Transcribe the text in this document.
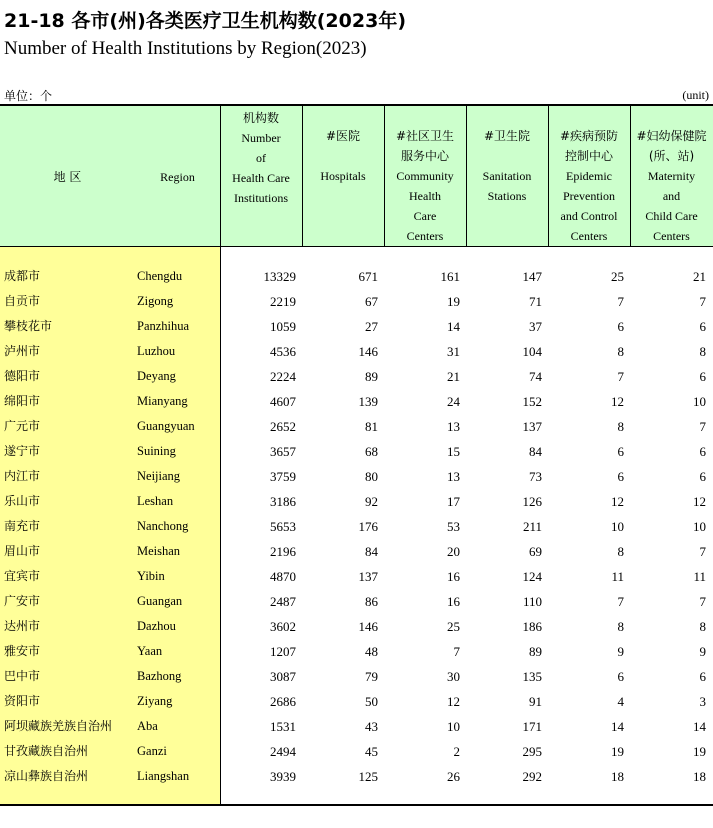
21-18 各市(州)各类医疗卫生机构数(2023年)
Number of Health Institutions by Region(2023)
单位：个	(unit)
地 区	Region
机构数
Number
of
Health Care
Institutions
#医院
Hospitals
#社区卫生
服务中心
Community
Health
Care
Centers
#卫生院
Sanitation
Stations
#疾病预防
控制中心
Epidemic
Prevention
and Control
Centers
#妇幼保健院
(所、站)
Maternity
and
Child Care
Centers
成都市	Chengdu	13329	671	161	147	25	21
自贡市	Zigong	2219	67	19	71	7	7
攀枝花市	Panzhihua	1059	27	14	37	6	6
泸州市	Luzhou	4536	146	31	104	8	8
德阳市	Deyang	2224	89	21	74	7	6
绵阳市	Mianyang	4607	139	24	152	12	10
广元市	Guangyuan	2652	81	13	137	8	7
遂宁市	Suining	3657	68	15	84	6	6
内江市	Neijiang	3759	80	13	73	6	6
乐山市	Leshan	3186	92	17	126	12	12
南充市	Nanchong	5653	176	53	211	10	10
眉山市	Meishan	2196	84	20	69	8	7
宜宾市	Yibin	4870	137	16	124	11	11
广安市	Guangan	2487	86	16	110	7	7
达州市	Dazhou	3602	146	25	186	8	8
雅安市	Yaan	1207	48	7	89	9	9
巴中市	Bazhong	3087	79	30	135	6	6
资阳市	Ziyang	2686	50	12	91	4	3
阿坝藏族羌族自治州 Aba	1531	43	10	171	14	14
甘孜藏族自治州	Ganzi	2494	45	2	295	19	19
凉山彝族自治州	Liangshan	3939	125	26	292	18	18
